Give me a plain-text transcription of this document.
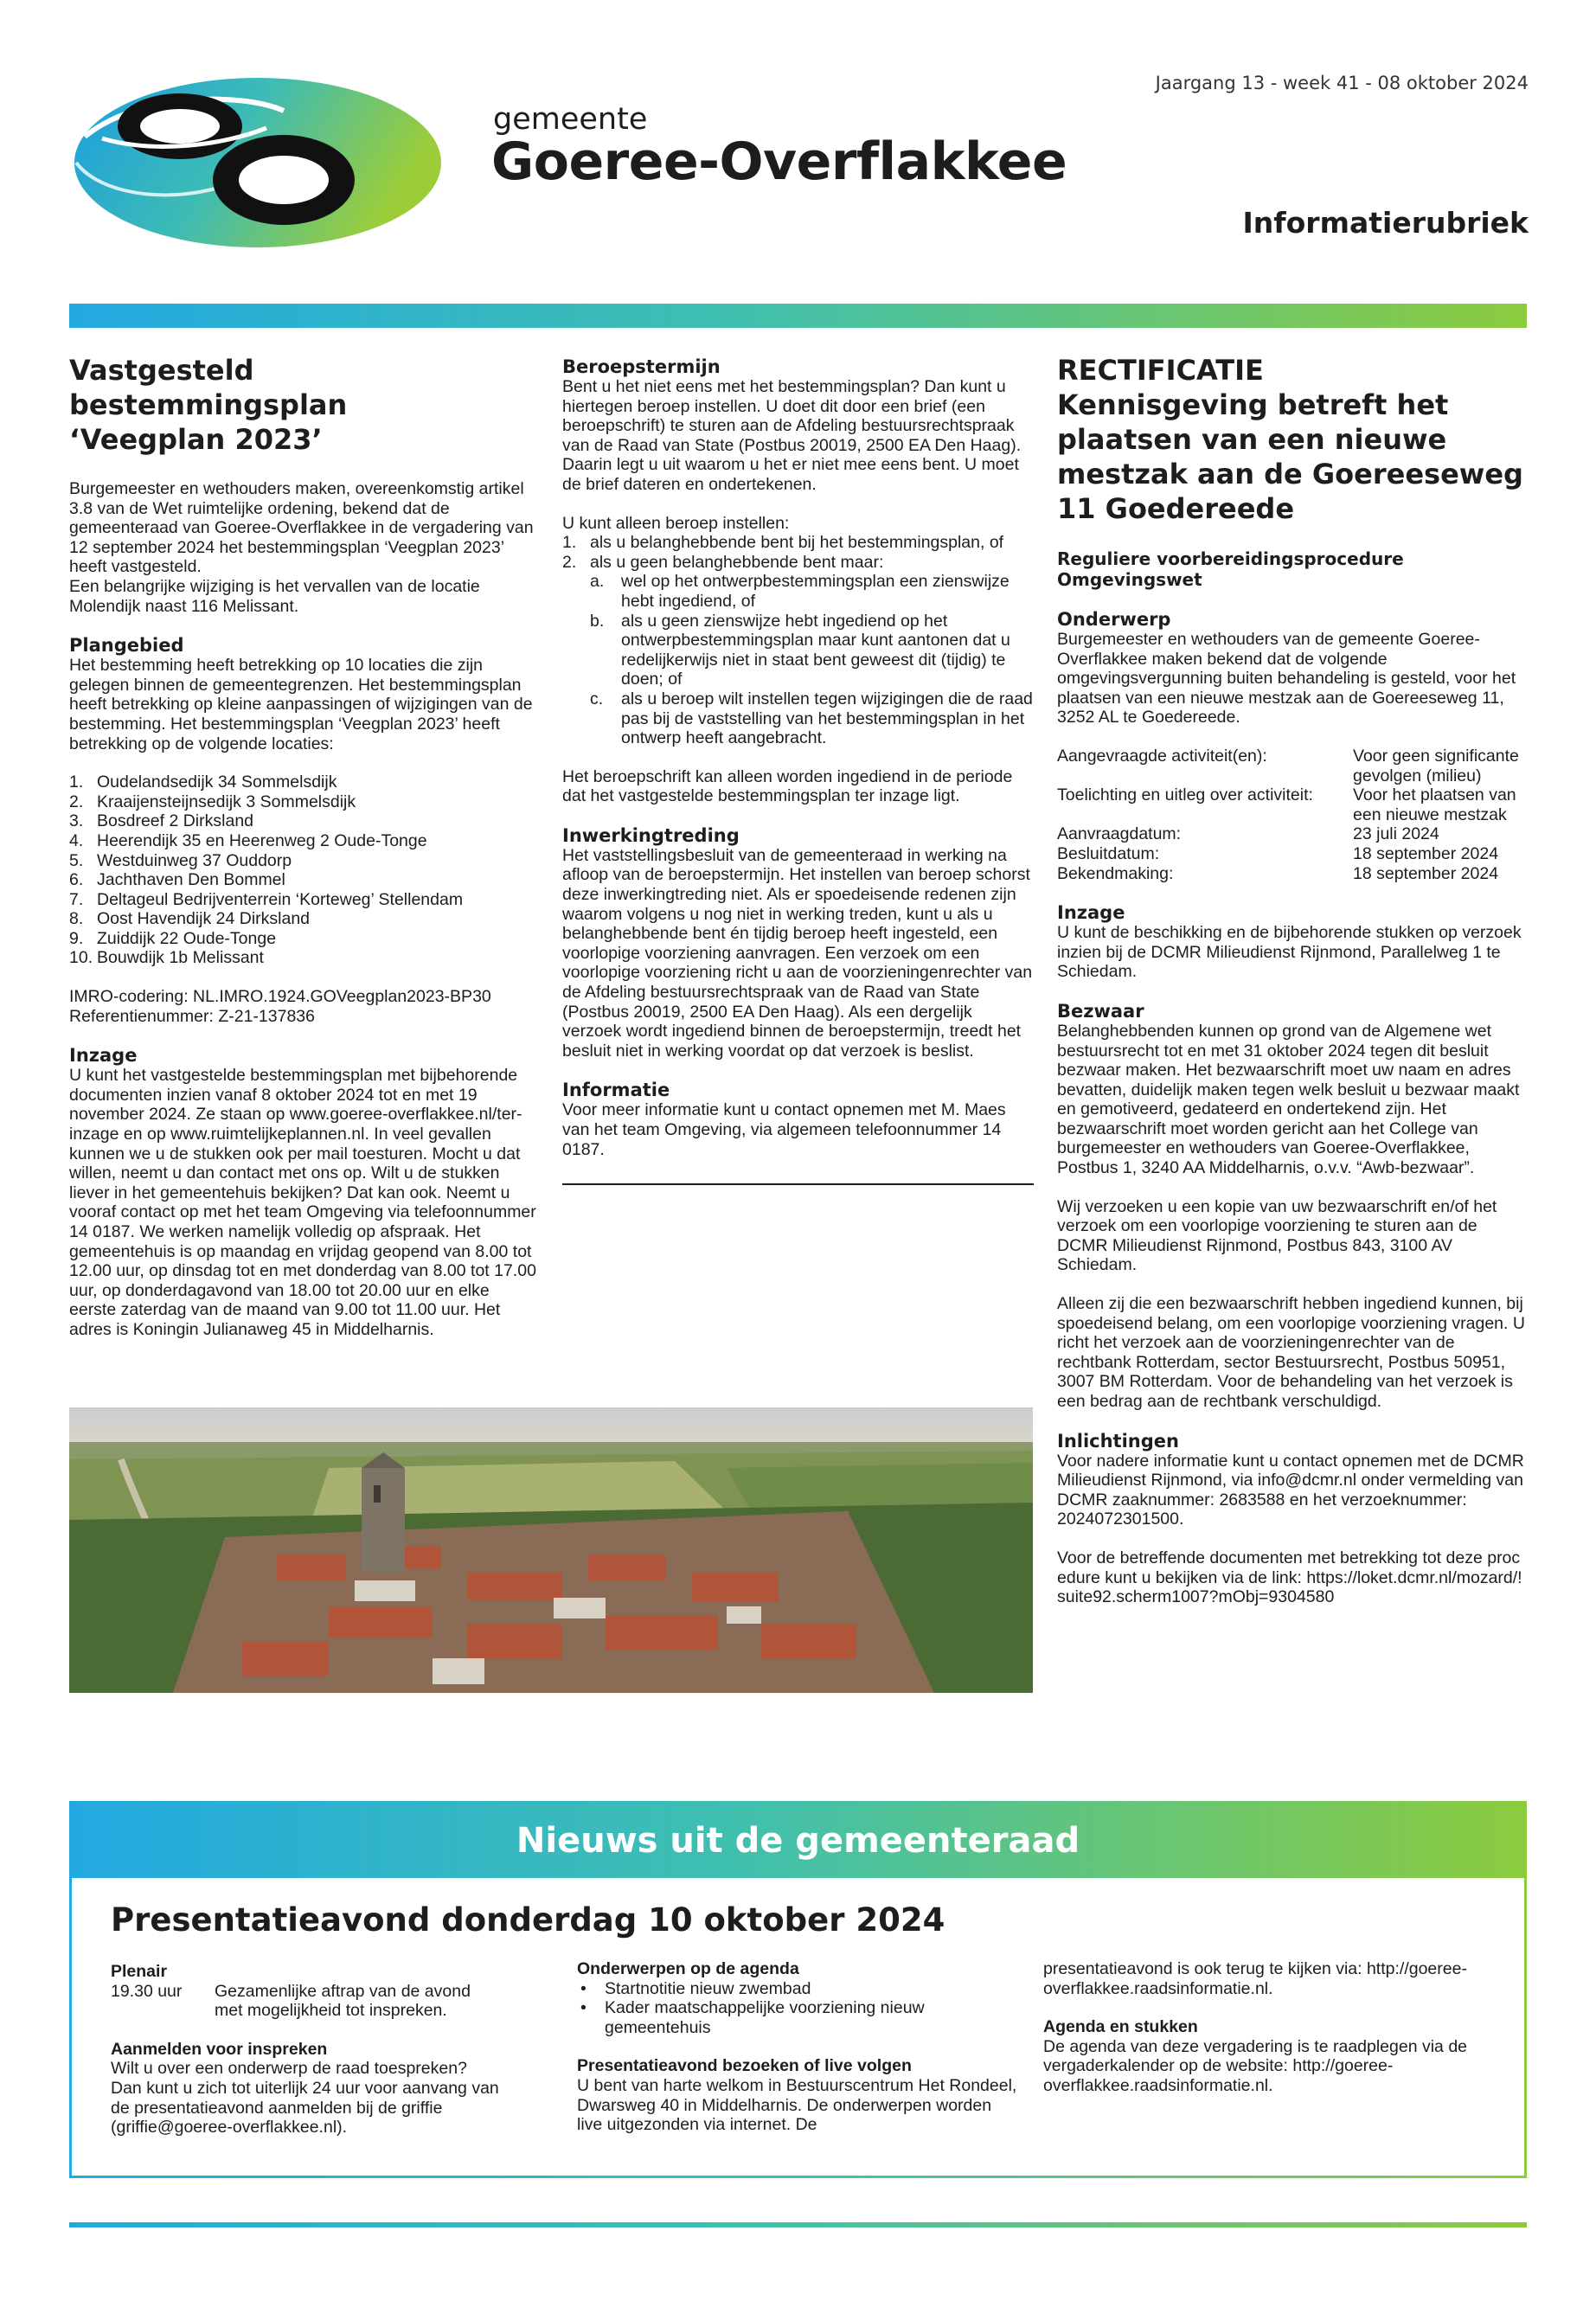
gemeente
Goeree-Overflakkee
Jaargang 13 - week 41 - 08 oktober 2024
Informatierubriek
Vastgesteld bestemmingsplan
‘Veegplan 2023’

Burgemeester en wethouders maken, overeenkomstig artikel 3.8 van de Wet ruimtelijke ordening, bekend dat de gemeenteraad van Goeree-Overflakkee in de vergadering van 12 september 2024 het bestemmingsplan ‘Veegplan 2023’ heeft vastgesteld.

Een belangrijke wijziging is het vervallen van de locatie Molendijk naast 116 Melissant.

Plangebied

Het bestemming heeft betrekking op 10 locaties die zijn gelegen binnen de gemeentegrenzen. Het bestemmingsplan heeft betrekking op kleine aanpassingen of wijzigingen van de bestemming. Het bestemmingsplan ‘Veegplan 2023’ heeft betrekking op de volgende locaties:

1. Oudelandsedijk 34 Sommelsdijk
2. Kraaijensteijnsedijk 3 Sommelsdijk
3. Bosdreef 2 Dirksland
4. Heerendijk 35 en Heerenweg 2 Oude-Tonge
5. Westduinweg 37 Ouddorp
6. Jachthaven Den Bommel
7. Deltageul Bedrijventerrein ‘Korteweg’ Stellendam
8. Oost Havendijk 24 Dirksland
9. Zuiddijk 22 Oude-Tonge
10. Bouwdijk 1b Melissant

IMRO-codering: NL.IMRO.1924.GOVeegplan2023-BP30

Referentienummer: Z-21-137836

Inzage

U kunt het vastgestelde bestemmingsplan met bijbehorende documenten inzien vanaf 8 oktober 2024 tot en met 19 november 2024. Ze staan op www.goeree-overflakkee.nl/ter-inzage en op www.ruimtelijkeplannen.nl. In veel gevallen kunnen we u de stukken ook per mail toesturen. Mocht u dat willen, neemt u dan contact met ons op. Wilt u de stukken liever in het gemeentehuis bekijken? Dat kan ook. Neemt u vooraf contact op met het team Omgeving via telefoonnummer 14 0187. We werken namelijk volledig op afspraak. Het gemeentehuis is op maandag en vrijdag geopend van 8.00 tot 12.00 uur, op dinsdag tot en met donderdag van 8.00 tot 17.00 uur, op donderdagavond van 18.00 tot 20.00 uur en elke eerste zaterdag van de maand van 9.00 tot 11.00 uur. Het adres is Koningin Julianaweg 45 in Middelharnis.

Beroepstermijn

Bent u het niet eens met het bestemmingsplan? Dan kunt u hiertegen beroep instellen. U doet dit door een brief (een beroepschrift) te sturen aan de Afdeling bestuursrechtspraak van de Raad van State (Postbus 20019, 2500 EA Den Haag). Daarin legt u uit waarom u het er niet mee eens bent. U moet de brief dateren en ondertekenen.

U kunt alleen beroep instellen:

1. als u belanghebbende bent bij het bestemmingsplan, of
2. als u geen belanghebbende bent maar:
a.	wel op het ontwerpbestemmingsplan een zienswijze hebt ingediend, of
b.	als u geen zienswijze hebt ingediend op het ontwerpbestemmingsplan maar kunt aantonen dat u redelijkerwijs niet in staat bent geweest dit (tijdig) te doen; of
c.	als u beroep wilt instellen tegen wijzigingen die de raad pas bij de vaststelling van het bestemmingsplan in het ontwerp heeft aangebracht.

Het beroepschrift kan alleen worden ingediend in de periode dat het vastgestelde bestemmingsplan ter inzage ligt.

Inwerkingtreding

Het vaststellingsbesluit van de gemeenteraad in werking na afloop van de beroepstermijn. Het instellen van beroep schorst deze inwerkingtreding niet. Als er spoedeisende redenen zijn waarom volgens u nog niet in werking treden, kunt u als u belanghebbende bent én tijdig beroep heeft ingesteld, een voorlopige voorziening aanvragen. Een verzoek om een voorlopige voorziening richt u aan de voorzieningenrechter van de Afdeling bestuursrechtspraak van de Raad van State (Postbus 20019, 2500 EA Den Haag). Als een dergelijk verzoek wordt ingediend binnen de beroepstermijn, treedt het besluit niet in werking voordat op dat verzoek is beslist.

Informatie

Voor meer informatie kunt u contact opnemen met M. Maes van het team Omgeving, via algemeen telefoonnummer 14 0187.

RECTIFICATIE
Kennisgeving betreft het plaatsen van een nieuwe mestzak aan de Goereeseweg 11 Goedereede
Reguliere voorbereidingsprocedure Omgevingswet
Onderwerp

Burgemeester en wethouders van de gemeente Goeree-Overflakkee maken bekend dat de volgende omgevingsvergunning buiten behandeling is gesteld, voor het plaatsen van een nieuwe mestzak aan de Goereeseweg 11, 3252 AL te Goedereede.

Aangevraagde activiteit(en):	Voor geen significante gevolgen (milieu)
Toelichting en uitleg over activiteit:	Voor het plaatsen van een nieuwe mestzak
Aanvraagdatum:	23 juli 2024
Besluitdatum:	18 september 2024
Bekendmaking:	18 september 2024
Inzage

U kunt de beschikking en de bijbehorende stukken op verzoek inzien bij de DCMR Milieudienst Rijnmond, Parallelweg 1 te Schiedam.

Bezwaar

Belanghebbenden kunnen op grond van de Algemene wet bestuursrecht tot en met 31 oktober 2024 tegen dit besluit bezwaar maken. Het bezwaarschrift moet uw naam en adres bevatten, duidelijk maken tegen welk besluit u bezwaar maakt en gemotiveerd, gedateerd en ondertekend zijn. Het bezwaarschrift moet worden gericht aan het College van burgemeester en wethouders van Goeree-Overflakkee, Postbus 1, 3240 AA Middelharnis, o.v.v. “Awb-bezwaar”.

Wij verzoeken u een kopie van uw bezwaarschrift en/of het verzoek om een voorlopige voorziening te sturen aan de DCMR Milieudienst Rijnmond, Postbus 843, 3100 AV Schiedam.

Alleen zij die een bezwaarschrift hebben ingediend kunnen, bij spoedeisend belang, om een voorlopige voorziening vragen. U richt het verzoek aan de voorzieningenrechter van de rechtbank Rotterdam, sector Bestuursrecht, Postbus 50951, 3007 BM Rotterdam. Voor de behandeling van het verzoek is een bedrag aan de rechtbank verschuldigd.

Inlichtingen

Voor nadere informatie kunt u contact opnemen met de DCMR Milieudienst Rijnmond, via info@dcmr.nl onder vermelding van DCMR zaaknummer: 2683588 en het verzoeknummer: 2024072301500.

Voor de betreffende documenten met betrekking tot deze procedure kunt u bekijken via de link: https://loket.dcmr.nl/mozard/!suite92.scherm1007?mObj=9304580

Nieuws uit de gemeenteraad
Presentatieavond donderdag 10 oktober 2024
Plenair
19.30 uur	Gezamenlijke aftrap van de avond met mogelijkheid tot inspreken.
Aanmelden voor inspreken

Wilt u over een onderwerp de raad toespreken? Dan kunt u zich tot uiterlijk 24 uur voor aanvang van de presentatieavond aanmelden bij de griffie (griffie@goeree-overflakkee.nl).

Onderwerpen op de agenda
•	Startnotitie nieuw zwembad
•	Kader maatschappelijke voorziening nieuw gemeentehuis
Presentatieavond bezoeken of live volgen

U bent van harte welkom in Bestuurscentrum Het Rondeel, Dwarsweg 40 in Middelharnis. De onderwerpen worden live uitgezonden via internet. De

presentatieavond is ook terug te kijken via: http://goeree-overflakkee.raadsinformatie.nl.

Agenda en stukken

De agenda van deze vergadering is te raadplegen via de vergaderkalender op de website: http://goeree-overflakkee.raadsinformatie.nl.
